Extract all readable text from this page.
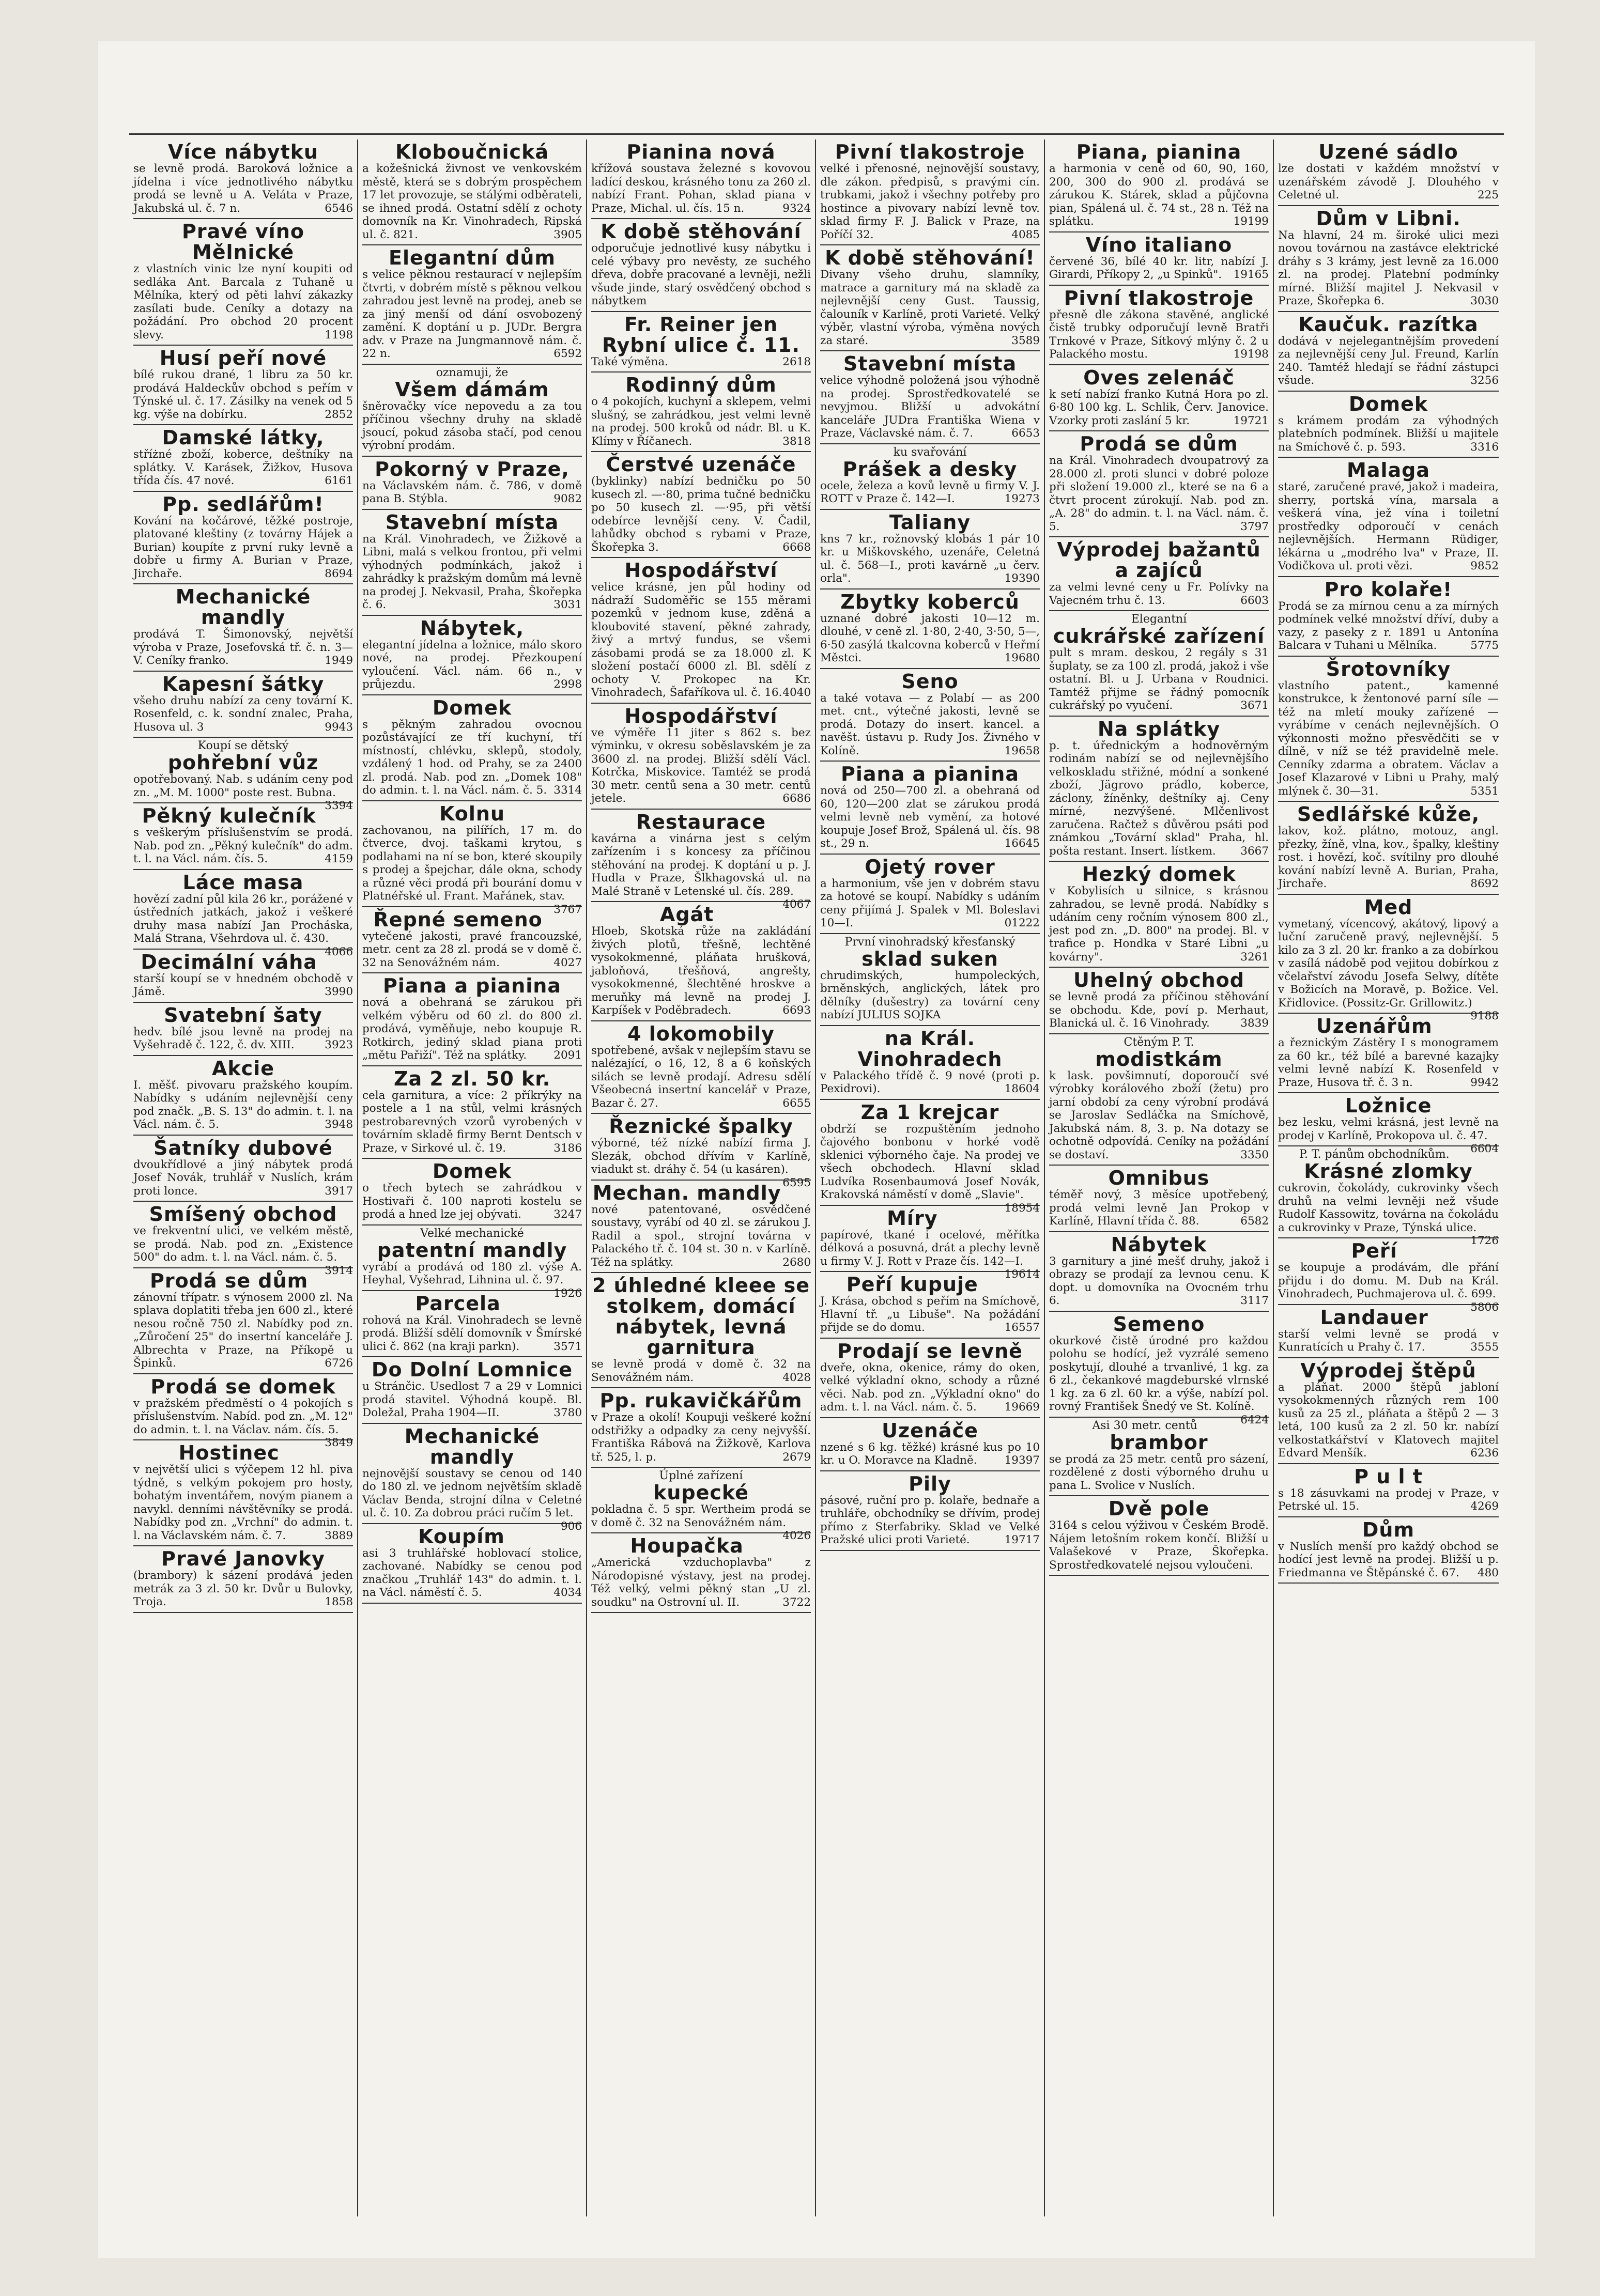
Více nábytku

se levně prodá. Baroková ložnice a jídelna i více jednotlivého nábytku prodá se levně u A. Veláta v Praze, Jakubská ul. č. 7 n.	6546

Pravé víno Mělnické

z vlastních vinic lze nyní koupiti od sedláka Ant. Barcala z Tuhaně u Mělníka, který od pěti lahví zákazky zasílati bude. Ceníky a dotazy na požádání. Pro obchod 20 procent slevy.	1198

Husí peří nové

bílé rukou drané, 1 libru za 50 kr. prodává Haldeckův obchod s peřím v Týnské ul. č. 17. Zásilky na venek od 5 kg. výše na dobírku.	2852

Damské látky,

stříżné zboží, koberce, deštníky na splátky. V. Karásek, Žižkov, Husova třída čís. 47 nové.	6161

Pp. sedlářům!

Kování na kočárové, těžké postroje, platované kleštiny (z továrny Hájek a Burian) koupíte z první ruky levně a dobře u firmy A. Burian v Praze, Jirchaře.	8694

Mechanické mandly

prodává T. Šimonovský, největší výroba v Praze, Josefovská tř. č. n. 3—V. Ceníky franko.	1949

Kapesní šátky

všeho druhu nabízí za ceny tovární K. Rosenfeld, c. k. sondní znalec, Praha, Husova ul. 3	9943

Koupí se dětský
pohřební vůz

opotřebovaný. Nab. s udáním ceny pod zn. „M. M. 1000" poste rest. Bubna.
3394

Pěkný kulečník

s veškerým příslušenstvím se prodá. Nab. pod zn. „Pěkný kulečník" do adm. t. l. na Václ. nám. čís. 5.	4159

Láce masa

hovězí zadní půl kila 26 kr., porážené v ústředních jatkách, jakož i veškeré druhy masa nabízí Jan Procháska, Malá Strana, Všehrdova ul. č. 430.
4066

Decimální váha

starší koupí se v hnedném obchodě v Jámě.	3990

Svatební šaty

hedv. bílé jsou levně na prodej na Vyšehradě č. 122, č. dv. XIII.	3923

Akcie

I. měšť. pivovaru pražského koupím. Nabídky s udáním nejlevnější ceny pod značk. „B. S. 13" do admin. t. l. na Václ. nám. č. 5.	3948

Šatníky dubové

dvoukřídlové a jiný nábytek prodá Josef Novák, truhlář v Nuslích, krám proti lonce.	3917

Smíšený obchod

ve frekventní ulici, ve velkém městě, se prodá. Nab. pod zn. „Existence 500" do adm. t. l. na Václ. nám. č. 5.
3914

Prodá se dům

zánovní třípatr. s výnosem 2000 zl. Na splava doplatiti třeba jen 600 zl., které nesou ročně 750 zl. Nabídky pod zn. „Zůročení 25" do insertní kanceláře J. Albrechta v Praze, na Příkopě u Špinků.	6726

Prodá se domek

v pražském předměstí o 4 pokojích s příslušenstvím. Nabíd. pod zn. „M. 12" do admin. t. l. na Václav. nám. čís. 5.
3849

Hostinec

v největší ulici s výčepem 12 hl. piva týdně, s velkým pokojem pro hosty, bohatým inventářem, novým pianem a navykl. denními návštěvníky se prodá. Nabídky pod zn. „Vrchní" do admin. t. l. na Václavském nám. č. 7.	3889

Pravé Janovky

(brambory) k sázení prodává jeden metrák za 3 zl. 50 kr. Dvůr u Bulovky, Troja.	1858

Kloboučnická

a kožešnická živnost ve venkovském městě, která se s dobrým prospěchem 17 let provozuje, se stálými odběrateli, se ihned prodá. Ostatní sdělí z ochoty domovník na Kr. Vinohradech, Ripská ul. č. 821.	3905

Elegantní dům

s velice pěknou restaurací v nejlepším čtvrti, v dobrém místě s pěknou velkou zahradou jest levně na prodej, aneb se za jiný menší od dání osvobozený zamění. K doptání u p. JUDr. Bergra adv. v Praze na Jungmannově nám. č. 22 n.	6592

oznamuji, že
Všem dámám

šněrovačky více nepovedu a za tou příčinou všechny druhy na skladě jsoucí, pokud zásoba stačí, pod cenou výrobní prodám.

Pokorný v Praze,

na Václavském nám. č. 786, v domě pana B. Stýbla.	9082

Stavební místa

na Král. Vinohradech, ve Žižkově a Libni, malá s velkou frontou, při velmi výhodných podmínkách, jakož i zahrádky k pražským domům má levně na prodej J. Nekvasil, Praha, Škořepka č. 6.	3031

Nábytek,

elegantní jídelna a ložnice, málo skoro nové, na prodej. Přezkoupení vyloučení. Václ. nám. 66 n., v průjezdu.	2998

Domek

s pěkným zahradou ovocnou pozůstávající ze tří kuchyní, tří místností, chlévku, sklepů, stodoly, vzdálený 1 hod. od Prahy, se za 2400 zl. prodá. Nab. pod zn. „Domek 108" do admin. t. l. na Václ. nám. č. 5. 3314

Kolnu

zachovanou, na pilířích, 17 m. do čtverce, dvoj. taškami krytou, s podlahami na ní se bon, které skoupily s prodej a špejchar, dále okna, schody a různé věci prodá při bourání domu v Platnéřské ul. Frant. Mařánek, stav.
3767

Řepné semeno

vytečené jakosti, pravé francouzské, metr. cent za 28 zl. prodá se v domě č. 32 na Senovážném nám.	4027

Piana a pianina

nová a obehraná se zárukou při velkém výběru od 60 zl. do 800 zl. prodává, vyměňuje, nebo koupuje R. Rotkirch, jediný sklad piana proti „mětu Pařiží". Též na splátky. 2091

Za 2 zl. 50 kr.

cela garnitura, a více: 2 příkrýky na postele a 1 na stůl, velmi krásných pestrobarevných vzorů vyrobených v továrním skladě firmy Bernt Dentsch v Praze, v Sirkové ul. č. 19.	3186

Domek

o třech bytech se zahrádkou v Hostivaři č. 100 naproti kostelu se prodá a hned lze jej obývati.	3247

Velké mechanické
patentní mandly

vyrábí a prodává od 180 zl. výše A. Heyhal, Vyšehrad, Lihnina ul. č. 97.
1926

Parcela

rohová na Král. Vinohradech se levně prodá. Bližší sdělí domovník v Šmírské ulici č. 862 (na kraji parkn).	3571

Do Dolní Lomnice

u Stránčic. Usedlost 7 a 29 v Lomnici prodá stavitel. Výhodná koupě. Bl. Doležal, Praha 1904—II.	3780

Mechanické mandly

nejnovější soustavy se cenou od 140 do 180 zl. ve jednom největším skladě Václav Benda, strojní dílna v Celetné ul. č. 10. Za dobrou práci ručím 5 let.
906

Koupím

asi 3 truhlářské hoblovací stolice, zachované. Nabídky se cenou pod značkou „Truhlář 143" do admin. t. l. na Václ. náměstí č. 5.	4034

Pianina nová

křížová soustava železné s kovovou ladící deskou, krásného tonu za 260 zl. nabízí Frant. Pohan, sklad piana v Praze, Michal. ul. čís. 15 n.	9324

K době stěhování

odporučuje jednotlivé kusy nábytku i celé výbavy pro nevěsty, ze suchého dřeva, dobře pracované a levněji, nežli všude jinde, starý osvědčený obchod s nábytkem

Fr. Reiner jen Rybní ulice č. 11.

Také výměna.	2618

Rodinný dům

o 4 pokojích, kuchyní a sklepem, velmi slušný, se zahrádkou, jest velmi levně na prodej. 500 kroků od nádr. Bl. u K. Klímy v Říčanech.	3818

Čerstvé uzenáče

(byklinky) nabízí bedničku po 50 kusech zl. —·80, prima tučné bedničku po 50 kusech zl. —·95, při větší odebírce levnější ceny. V. Čadil, lahůdky obchod s rybami v Praze, Škořepka 3.	6668

Hospodářství

velice krásné, jen půl hodiny od nádraží Sudoměřic se 155 měrami pozemků v jednom kuse, zděná a kloubovité stavení, pěkné zahrady, živý a mrtvý fundus, se všemi zásobami prodá se za 18.000 zl. K složení postačí 6000 zl. Bl. sdělí z ochoty V. Prokopec na Kr. Vinohradech, Šafaříkova ul. č. 16. 4040

Hospodářství

ve výměře 11 jiter s 862 s. bez výminku, v okresu soběslavském je za 3600 zl. na prodej. Bližší sdělí Václ. Kotrčka, Miskovice. Tamtéž se prodá 30 metr. centů sena a 30 metr. centů jetele.	6686

Restaurace

kavárna a vinárna jest s celým zařízením i s koncesy za příčinou stěhování na prodej. K doptání u p. J. Hudla v Praze, Šlkhagovská ul. na Malé Straně v Letenské ul. čís. 289.
4067

Agát

Hloeb, Skotská růže na zakládání živých plotů, třešně, lechtěné vysokokmenné, pláňata hrušková, jabloňová, třešňová, angrešty, vysokokmenné, šlechtěné hroskve a meruňky má levně na prodej J. Karpíšek v Poděbradech.	6693

4 lokomobily

spotřebené, avšak v nejlepším stavu se nalézající, o 16, 12, 8 a 6 koňských silách se levně prodají. Adresu sdělí Všeobecná insertní kancelář v Praze, Bazar č. 27.	6655

Řeznické špalky

výborné, též nízké nabízí firma J. Slezák, obchod dřívím v Karlíně, viadukt st. dráhy č. 54 (u kasáren).
6595

Mechan. mandly

nové patentované, osvědčené soustavy, vyrábí od 40 zl. se zárukou J. Radil a spol., strojní továrna v Palackého tř. č. 104 st. 30 n. v Karlíně. Též na splátky.	2680

2 úhledné kleee se stolkem, domácí nábytek, levná garnitura

se levně prodá v domě č. 32 na Senovážném nám.	4028

Pp. rukavičkářům

v Praze a okolí! Koupuji veškeré kožní odstřižky a odpadky za ceny nejvyšší. Františka Rábová na Žižkově, Karlova tř. 525, l. p.	2679

Úplné zařízení
kupecké

pokladna č. 5 spr. Wertheim prodá se v domě č. 32 na Senovážném nám.
4026

Houpačka

„Americká vzduchoplavba" z Národopisné výstavy, jest na prodej. Též velký, velmi pěkný stan „U zl. soudku" na Ostrovní ul. II.	3722

Pivní tlakostroje

velké i přenosné, nejnovější soustavy, dle zákon. předpisů, s pravými cín. trubkami, jakož i všechny potřeby pro hostince a pivovary nabízí levně tov. sklad firmy F. J. Balick v Praze, na Poříčí 32.	4085

K době stěhování!

Divany všeho druhu, slamníky, matrace a garnitury má na skladě za nejlevnější ceny Gust. Taussig, čalouník v Karlíně, proti Varieté. Velký výběr, vlastní výroba, výměna nových za staré.	3589

Stavební místa

velice výhodně položená jsou výhodně na prodej. Sprostředkovatelé se nevyjmou. Bližší u advokátní kanceláře JUDra Františka Wiena v Praze, Václavské nám. č. 7.	6653

ku svařování
Prášek a desky

ocele, železa a kovů levně u firmy V. J. ROTT v Praze č. 142—I.	19273

Taliany

kns 7 kr., rožnovský klobás 1 pár 10 kr. u Miškovského, uzenáře, Celetná ul. č. 568—I., proti kavárně „u červ. orla".	19390

Zbytky koberců

uznané dobré jakosti 10—12 m. dlouhé, v ceně zl. 1·80, 2·40, 3·50, 5—, 6·50 zasýlá tkalcovna koberců v Heřmí Městci.	19680

Seno

a také votava — z Polabí — as 200 met. cnt., výtečné jakosti, levně se prodá. Dotazy do insert. kancel. a navěšt. ústavu p. Rudy Jos. Živného v Kolíně.	19658

Piana a pianina

nová od 250—700 zl. a obehraná od 60, 120—200 zlat se zárukou prodá velmi levně neb vymění, za hotové koupuje Josef Brož, Spálená ul. čís. 98 st., 29 n.	16645

Ojetý rover

a harmonium, vše jen v dobrém stavu za hotové se koupí. Nabídky s udáním ceny přijímá J. Spalek v Ml. Boleslavi 10—I.	01222

První vinohradský křesťanský
sklad suken

chrudimských, humpoleckých, brněnských, anglických, látek pro dělníky (dušestry) za tovární ceny nabízí JULIUS SOJKA

na Král. Vinohradech

v Palackého třídě č. 9 nové (proti p. Pexidrovi).	18604

Za 1 krejcar

obdrží se rozpuštěním jednoho čajového bonbonu v horké vodě sklenici výborného čaje. Na prodej ve všech obchodech. Hlavní sklad Ludvíka Rosenbaumová Josef Novák, Krakovská náměstí v domě „Slavie".
18954

Míry

papírové, tkané i ocelové, měřítka délková a posuvná, drát a plechy levně u firmy V. J. Rott v Praze čís. 142—I.
19614

Peří kupuje

J. Krása, obchod s peřím na Smíchově, Hlavní tř. „u Libuše". Na požádání přijde se do domu.	16557

Prodají se levně

dveře, okna, okenice, rámy do oken, velké výkladní okno, schody a různé věci. Nab. pod zn. „Výkladní okno" do adm. t. l. na Václ. nám. č. 5. 19669

Uzenáče

nzené s 6 kg. těžké) krásné kus po 10 kr. u O. Moravce na Kladně. 19397

Pily

pásové, ruční pro p. kolaře, bednaře a truhláře, obchodníky se dřívím, prodej přímo z Sterfabriky. Sklad ve Velké Pražské ulici proti Varieté.	19717

Piana, pianina

a harmonia v ceně od 60, 90, 160, 200, 300 do 900 zl. prodává se zárukou K. Stárek, sklad a půjčovna pian, Spálená ul. č. 74 st., 28 n. Též na splátku.	19199

Víno italiano

červené 36, bílé 40 kr. litr, nabízí J. Girardi, Příkopy 2, „u Spinků". 19165

Pivní tlakostroje

přesně dle zákona stavěné, anglické čistě trubky odporučují levně Bratři Trnkové v Praze, Sítkový mlýny č. 2 u Palackého mostu.	19198

Oves zelenáč

k setí nabízí franko Kutná Hora po zl. 6·80 100 kg. L. Schlik, Červ. Janovice. Vzorky proti zaslání 5 kr.	19721

Prodá se dům

na Král. Vinohradech dvoupatrový za 28.000 zl. proti slunci v dobré poloze při složení 19.000 zl., které se na 6 a čtvrt procent zúrokují. Nab. pod zn. „A. 28" do admin. t. l. na Václ. nám. č. 5.	3797

Výprodej bažantů a zajíců

za velmi levné ceny u Fr. Polívky na Vajecném trhu č. 13.	6603

Elegantní
cukrářské zařízení

pult s mram. deskou, 2 regály s 31 šuplaty, se za 100 zl. prodá, jakož i vše ostatní. Bl. u J. Urbana v Roudnici. Tamtéž přijme se řádný pomocník cukrářský po vyučení.	3671

Na splátky

p. t. úřednickým a hodnověrným rodinám nabízí se od nejlevnějšího velkoskladu střižné, módní a sonkené zboží, Jägrovo prádlo, koberce, záclony, žíněnky, deštníky aj. Ceny mírné, nezvýšené. Mlčenlivost zaručena. Račtež s důvěrou psáti pod známkou „Tovární sklad" Praha, hl. pošta restant. Insert. lístkem. 3667

Hezký domek

v Kobylisích u silnice, s krásnou zahradou, se levně prodá. Nabídky s udáním ceny ročním výnosem 800 zl., jest pod zn. „D. 800" na prodej. Bl. v trafice p. Hondka v Staré Libni „u kovárny".	3261

Uhelný obchod

se levně prodá za příčinou stěhování se obchodu. Kde, poví p. Merhaut, Blanická ul. č. 16 Vinohrady.	3839

Ctěným P. T.
modistkám

k lask. povšimnutí, doporoučí své výrobky korálového zboží (žetu) pro jarní období za ceny výrobní prodává se Jaroslav Sedláčka na Smíchově, Jakubská nám. 8, 3. p. Na dotazy se ochotně odpovídá. Ceníky na požádání se dostaví.	3350

Omnibus

téměř nový, 3 měsíce upotřebený, prodá velmi levně Jan Prokop v Karlíně, Hlavní třída č. 88.	6582

Nábytek

3 garnitury a jiné mešť druhy, jakož i obrazy se prodají za levnou cenu. K dopt. u domovníka na Ovocném trhu 6.	3117

Semeno

okurkové čistě úrodné pro každou polohu se hodící, jež vyzrálé semeno poskytují, dlouhé a trvanlivé, 1 kg. za 6 zl., čekankové magdeburské vlrnské 1 kg. za 6 zl. 60 kr. a výše, nabízí pol. rovný František Šnedý ve St. Kolíně.
6424

Asi 30 metr. centů
brambor

se prodá za 25 metr. centů pro sázení, rozdělené z dosti výborného druhu u pana L. Svolice v Nuslích.

Dvě pole

3164 s celou výživou v Českém Brodě. Nájem letošním rokem končí. Bližší u Valašekové v Praze, Škořepka. Sprostředkovatelé nejsou vyloučeni.

Uzené sádlo

lze dostati v každém množství v uzenářském závodě J. Dlouhého v Celetné ul.	225

Dům v Libni.

Na hlavní, 24 m. široké ulici mezi novou továrnou na zastávce elektrické dráhy s 3 krámy, jest levně za 16.000 zl. na prodej. Platební podmínky mírné. Bližší majitel J. Nekvasil v Praze, Škořepka 6.	3030

Kaučuk. razítka

dodává v nejelegantnějším provedení za nejlevnější ceny Jul. Freund, Karlín 240. Tamtéž hledají se řádní zástupci všude.	3256

Domek

s krámem prodám za výhodných platebních podmínek. Bližší u majitele na Smíchově č. p. 593.	3316

Malaga

staré, zaručené pravé, jakož i madeira, sherry, portská vína, marsala a veškerá vína, jež vína i toiletní prostředky odporoučí v cenách nejlevnějších. Hermann Rüdiger, lékárna u „modrého lva" v Praze, II. Vodičkova ul. proti vězi.	9852

Pro kolaře!

Prodá se za mírnou cenu a za mírných podmínek velké množství dříví, duby a vazy, z paseky z r. 1891 u Antonína Balcara v Tuhani u Mělníka.	5775

Šrotovníky

vlastního patent., kamenné konstrukce, k žentonové parní síle — též na mletí mouky zařízené — vyrábíme v cenách nejlevnějších. O výkonnosti možno přesvědčiti se v dílně, v níž se též pravidelně mele. Cenníky zdarma a obratem. Václav a Josef Klazarové v Libni u Prahy, malý mlýnek č. 30—31.	5351

Sedlářské kůže,

lakov, kož. plátno, motouz, angl. přezky, žíně, vlna, kov., špalky, kleštiny rost. i hovězí, koč. svítilny pro dlouhé kování nabízí levně A. Burian, Praha, Jirchaře.	8692

Med

vymetaný, vícencový, akátový, lipový a luční zaručeně pravý, nejlevnější. 5 kilo za 3 zl. 20 kr. franko a za dobírkou v zasílá nádobě pod vejitou dobírkou z včelařství závodu Josefa Selwy, dítěte v Božicích na Moravě, p. Božice. Vel. Křidlovice. (Possitz-Gr. Grillowitz.)
9188

Uzenářům

a řeznickým Zástěry I s monogramem za 60 kr., též bílé a barevné kazajky velmi levně nabízí K. Rosenfeld v Praze, Husova tř. č. 3 n.	9942

Ložnice

bez lesku, velmi krásná, jest levně na prodej v Karlíně, Prokopova ul. č. 47.
6604

P. T. pánům obchodníkům.
Krásné zlomky

cukrovin, čokolády, cukrovinky všech druhů na velmi levněji než všude Rudolf Kassowitz, továrna na čokoládu a cukrovinky v Praze, Týnská ulice.
1726

Peří

se koupuje a prodávám, dle přání přijdu i do domu. M. Dub na Král. Vinohradech, Puchmajerova ul. č. 699.
5806

Landauer

starší velmi levně se prodá v Kunratících u Prahy č. 17.	3555

Výprodej štěpů

a pláňat. 2000 štěpů jabloní vysokokmenných různých rem 100 kusů za 25 zl., pláňata a štěpů 2 — 3 letá, 100 kusů za 2 zl. 50 kr. nabízí velkostatkářství v Klatovech majitel Edvard Menšík.	6236

P u l t

s 18 zásuvkami na prodej v Praze, v Petrské ul. 15.	4269

Dům

v Nuslích menší pro každý obchod se hodící jest levně na prodej. Bližší u p. Friedmanna ve Štěpánské č. 67. 480
